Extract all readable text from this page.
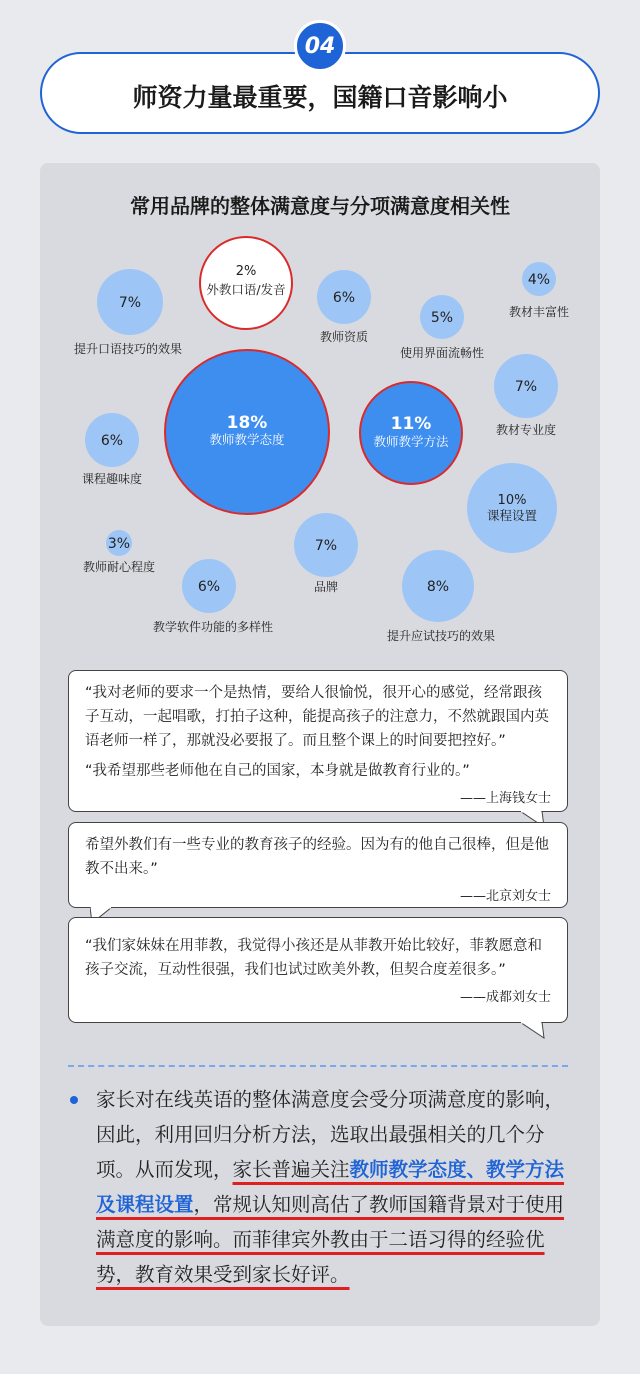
04
师资力量最重要，国籍口音影响小
常用品牌的整体满意度与分项满意度相关性
2%
外教口语/发音
7%
提升口语技巧的效果
6%
教师资质
5%
使用界面流畅性
4%
教材丰富性
18%
教师教学态度
11%
教师教学方法
7%
教材专业度
6%
课程趣味度
10%
课程设置
3%
教师耐心程度
7%
品牌
6%
教学软件功能的多样性
8%
提升应试技巧的效果

“我对老师的要求一个是热情，要给人很愉悦，很开心的感觉，经常跟孩子互动，一起唱歌，打拍子这种，能提高孩子的注意力，不然就跟国内英语老师一样了，那就没必要报了。而且整个课上的时间要把控好。”

“我希望那些老师他在自己的国家，本身就是做教育行业的。”

——上海钱女士

希望外教们有一些专业的教育孩子的经验。因为有的他自己很棒，但是他教不出来。”

——北京刘女士

“我们家妹妹在用菲教，我觉得小孩还是从菲教开始比较好，菲教愿意和孩子交流，互动性很强，我们也试过欧美外教，但契合度差很多。”

——成都刘女士
家长对在线英语的整体满意度会受分项满意度的影响，因此，利用回归分析方法，选取出最强相关的几个分项。从而发现，家长普遍关注教师教学态度、教学方法及课程设置，常规认知则高估了教师国籍背景对于使用满意度的影响。而菲律宾外教由于二语习得的经验优势，教育效果受到家长好评。
